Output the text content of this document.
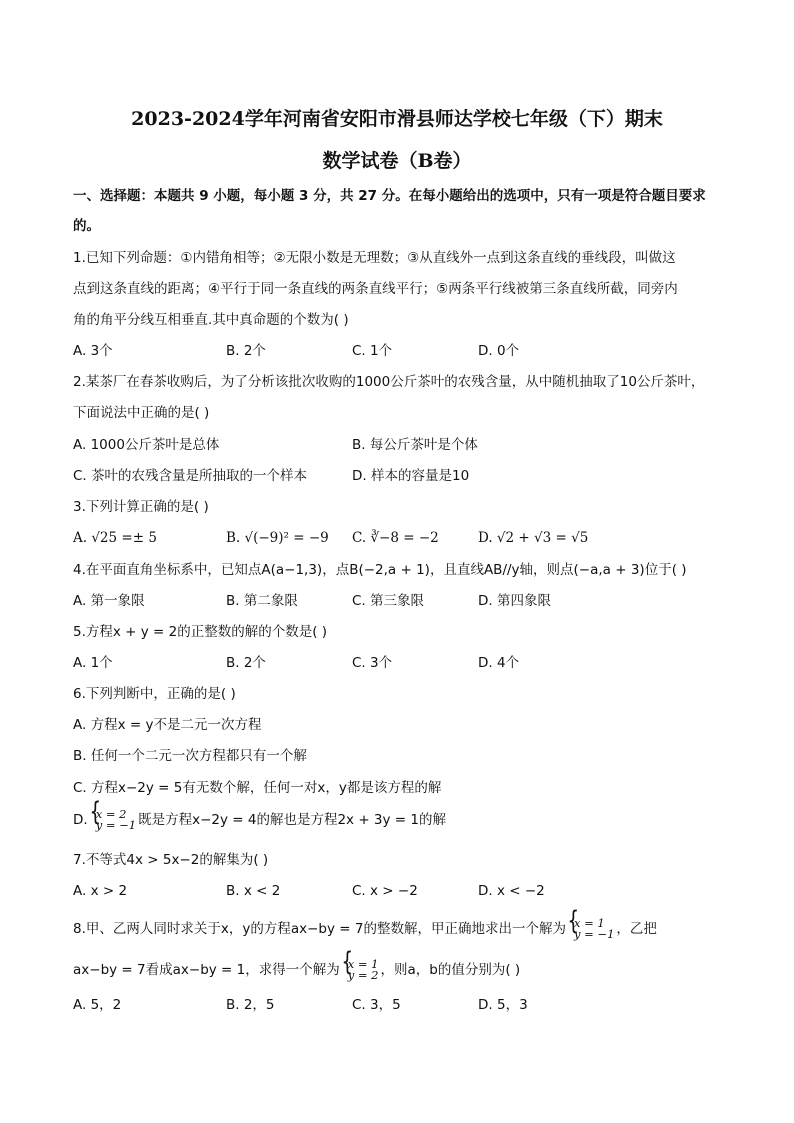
2023-2024学年河南省安阳市滑县师达学校七年级（下）期末
数学试卷（B卷）
一、选择题：本题共 9 小题，每小题 3 分，共 27 分。在每小题给出的选项中，只有一项是符合题目要求
的。
1.已知下列命题：①内错角相等；②无限小数是无理数；③从直线外一点到这条直线的垂线段，叫做这
点到这条直线的距离；④平行于同一条直线的两条直线平行；⑤两条平行线被第三条直线所截，同旁内
角的角平分线互相垂直.其中真命题的个数为( )
A. 3个	B. 2个	C. 1个	D. 0个
2.某茶厂在春茶收购后，为了分析该批次收购的1000公斤茶叶的农残含量，从中随机抽取了10公斤茶叶，
下面说法中正确的是( )
A. 1000公斤茶叶是总体	B. 每公斤茶叶是个体
C. 茶叶的农残含量是所抽取的一个样本	D. 样本的容量是10
3.下列计算正确的是( )
A. √25 =± 5	B. √(−9)² = −9 C. ∛−8 = −2	D. √2 + √3 = √5
4.在平面直角坐标系中，已知点A(a−1,3)，点B(−2,a + 1)，且直线AB//y轴，则点(−a,a + 3)位于( )
A. 第一象限	B. 第二象限	C. 第三象限	D. 第四象限
5.方程x + y = 2的正整数的解的个数是( )
A. 1个	B. 2个	C. 3个	D. 4个
6.下列判断中，正确的是( )
A. 方程x = y不是二元一次方程
B. 任何一个二元一次方程都只有一个解
C. 方程x−2y = 5有无数个解，任何一对x，y都是该方程的解
D. { x = 2
y = −1 既是方程x−2y = 4的解也是方程2x + 3y = 1的解
7.不等式4x > 5x−2的解集为( )
A. x > 2	B. x < 2	C. x > −2	D. x < −2
8.甲、乙两人同时求关于x，y的方程ax−by = 7的整数解，甲正确地求出一个解为 { x = 1
y = −1 ，乙把
ax−by = 7看成ax−by = 1，求得一个解为 { x = 1
y = 2 ，则a，b的值分别为( )
A. 5，2	B. 2，5	C. 3，5	D. 5，3
